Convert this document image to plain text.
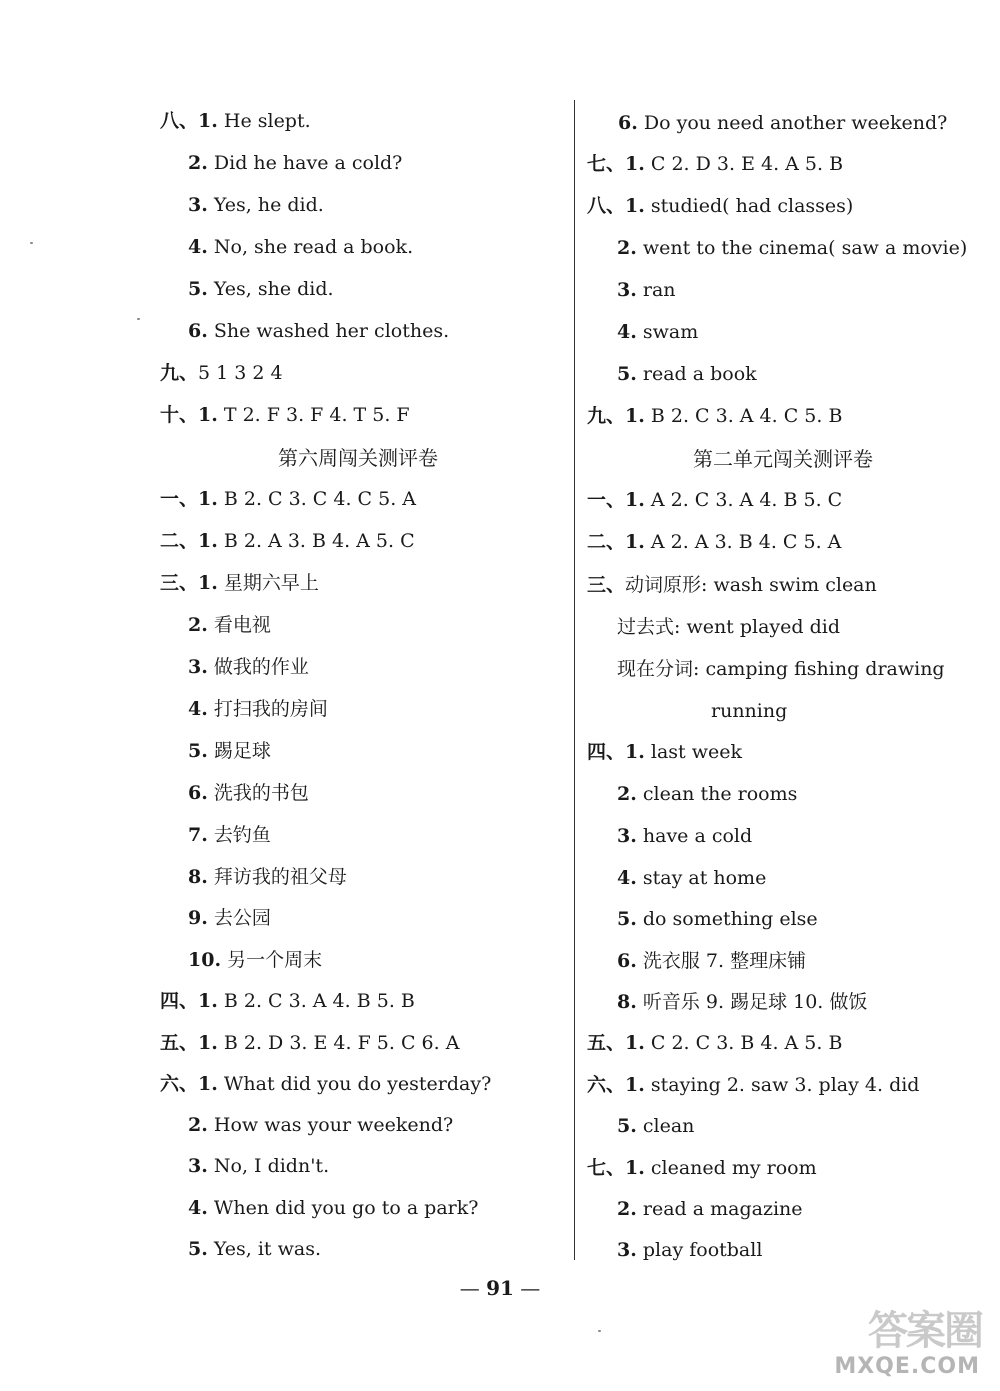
八、1. He slept.
2. Did he have a cold?
3. Yes, he did.
4. No, she read a book.
5. Yes, she did.
6. She washed her clothes.
九、5 1 3 2 4
十、1. T 2. F 3. F 4. T 5. F
第六周闯关测评卷
一、1. B 2. C 3. C 4. C 5. A
二、1. B 2. A 3. B 4. A 5. C
三、1. 星期六早上
2. 看电视
3. 做我的作业
4. 打扫我的房间
5. 踢足球
6. 洗我的书包
7. 去钓鱼
8. 拜访我的祖父母
9. 去公园
10. 另一个周末
四、1. B 2. C 3. A 4. B 5. B
五、1. B 2. D 3. E 4. F 5. C 6. A
六、1. What did you do yesterday?
2. How was your weekend?
3. No, I didn't.
4. When did you go to a park?
5. Yes, it was.
6. Do you need another weekend?
七、1. C 2. D 3. E 4. A 5. B
八、1. studied( had classes)
2. went to the cinema( saw a movie)
3. ran
4. swam
5. read a book
九、1. B 2. C 3. A 4. C 5. B
第二单元闯关测评卷
一、1. A 2. C 3. A 4. B 5. C
二、1. A 2. A 3. B 4. C 5. A
三、动词原形: wash swim clean
过去式: went played did
现在分词: camping fishing drawing
running
四、1. last week
2. clean the rooms
3. have a cold
4. stay at home
5. do something else
6. 洗衣服 7. 整理床铺
8. 听音乐 9. 踢足球 10. 做饭
五、1. C 2. C 3. B 4. A 5. B
六、1. staying 2. saw 3. play 4. did
5. clean
七、1. cleaned my room
2. read a magazine
3. play football
— 91 —
答案圈
MXQE.COM
